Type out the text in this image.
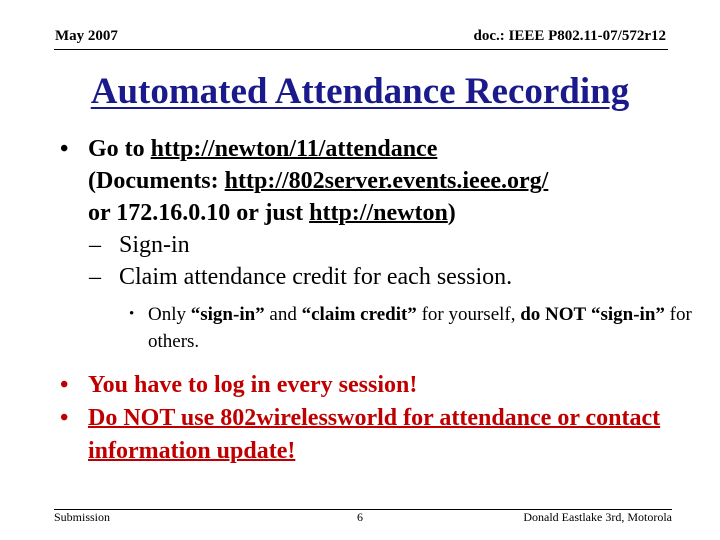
May 2007	doc.: IEEE P802.11-07/572r12
Automated Attendance Recording
• Go to http://newton/11/attendance
(Documents: http://802server.events.ieee.org/
or 172.16.0.10 or just http://newton)
– Sign-in
– Claim attendance credit for each session.
• Only “sign-in” and “claim credit” for yourself, do NOT “sign-in” for others.
• You have to log in every session!
• Do NOT use 802wirelessworld for attendance or contact information update!
Submission	6	Donald Eastlake 3rd, Motorola
